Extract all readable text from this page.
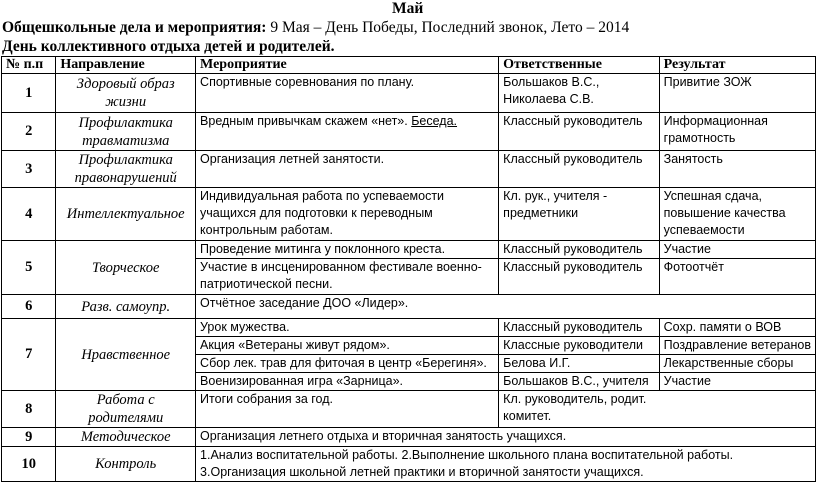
Май
Общешкольные дела и мероприятия: 9 Мая – День Победы, Последний звонок, Лето – 2014
День коллективного отдыха детей и родителей.
№ п.п	Направление	Мероприятие	Ответственные	Результат
1	Здоровый образ жизни	Спортивные соревнования по плану.	Большаков В.С., Николаева С.В.	Привитие ЗОЖ
2	Профилактика травматизма	Вредным привычкам скажем «нет». Беседа.	Классный руководитель	Информационная грамотность
3	Профилактика правонарушений	Организация летней занятости.	Классный руководитель	Занятость
4	Интеллектуальное	Индивидуальная работа по успеваемости учащихся для подготовки к переводным контрольным работам.	Кл. рук., учителя - предметники	Успешная сдача, повышение качества успеваемости
5	Творческое	Проведение митинга у поклонного креста.	Классный руководитель	Участие
		Участие в инсценированном фестивале военно-патриотической песни.	Классный руководитель	Фотоотчёт
6	Разв. самоупр.	Отчётное заседание ДОО «Лидер».		
7	Нравственное	Урок мужества.	Классный руководитель	Сохр. памяти о ВОВ
		Акция «Ветераны живут рядом».	Классные руководители	Поздравление ветеранов
		Сбор лек. трав для фиточая в центр «Берегиня».	Белова И.Г.	Лекарственные сборы
		Военизированная игра «Зарница».	Большаков В.С., учителя	Участие
8	Работа с родителями	Итоги собрания за год.	Кл. руководитель, родит. комитет.	

9	Методическое	Организация летнего отдыха и вторичная занятость учащихся.		
10	Контроль	1.Анализ воспитательной работы. 2.Выполнение школьного плана воспитательной работы. 3.Организация школьной летней практики и вторичной занятости учащихся.		
